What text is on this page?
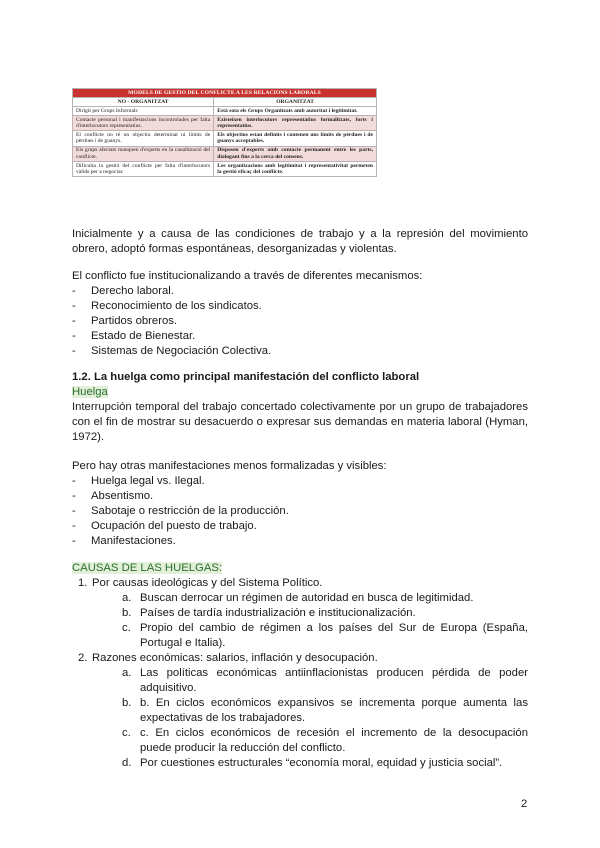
MODELS DE GESTIO DEL CONFLICTE A LES RELACIONS LABORALS	
NO - ORGANITZAT	ORGANITZAT
Dirigit per Grups Informals	Està sota els Grups Organitzats amb autoritat i legitimitat.
Contacte personal i manifestacions incontrolades per falta d'interlocutors representatius.	Existeixen interlocutors representatius formalitzats, forts i representatius.
El conflicte no té un objectiu determinat ni límits de pèrdues i de guanys.	Els objectius estan definits i contenen uns límits de pèrdues i de guanys acceptables.
Els grups afectats manquen d'experts en la canalització del conflicte.	Disposen d'experts amb contacte permanent entre les parts, dialogant fins a la cerca del consens.
Dificulta la gestió del conflicte per falta d'interlocutors vàlids per a negociar.	Les organitzacions amb legitimitat i representativitat permeten la gestió eficaç del conflicte.

Inicialmente y a causa de las condiciones de trabajo y a la represión del movimiento obrero, adoptó formas espontáneas, desorganizadas y violentas.

El conflicto fue institucionalizando a través de diferentes mecanismos:

- Derecho laboral.
- Reconocimiento de los sindicatos.
- Partidos obreros.
- Estado de Bienestar.
- Sistemas de Negociación Colectiva.
1.2. La huelga como principal manifestación del conflicto laboral
Huelga

Interrupción temporal del trabajo concertado colectivamente por un grupo de trabajadores con el fin de mostrar su desacuerdo o expresar sus demandas en materia laboral (Hyman, 1972).

Pero hay otras manifestaciones menos formalizadas y visibles:

- Huelga legal vs. Ilegal.
- Absentismo.
- Sabotaje o restricción de la producción.
- Ocupación del puesto de trabajo.
- Manifestaciones.
CAUSAS DE LAS HUELGAS:
1. Por causas ideológicas y del Sistema Político.
a. Buscan derrocar un régimen de autoridad en busca de legitimidad.
b. Países de tardía industrialización e institucionalización.
c. Propio del cambio de régimen a los países del Sur de Europa (España, Portugal e Italia).
2. Razones económicas: salarios, inflación y desocupación.
a. Las políticas económicas antiinflacionistas producen pérdida de poder adquisitivo.
b. b. En ciclos económicos expansivos se incrementa porque aumenta las expectativas de los trabajadores.
c. c. En ciclos económicos de recesión el incremento de la desocupación puede producir la reducción del conflicto.
d. Por cuestiones estructurales “economía moral, equidad y justicia social”.
2
